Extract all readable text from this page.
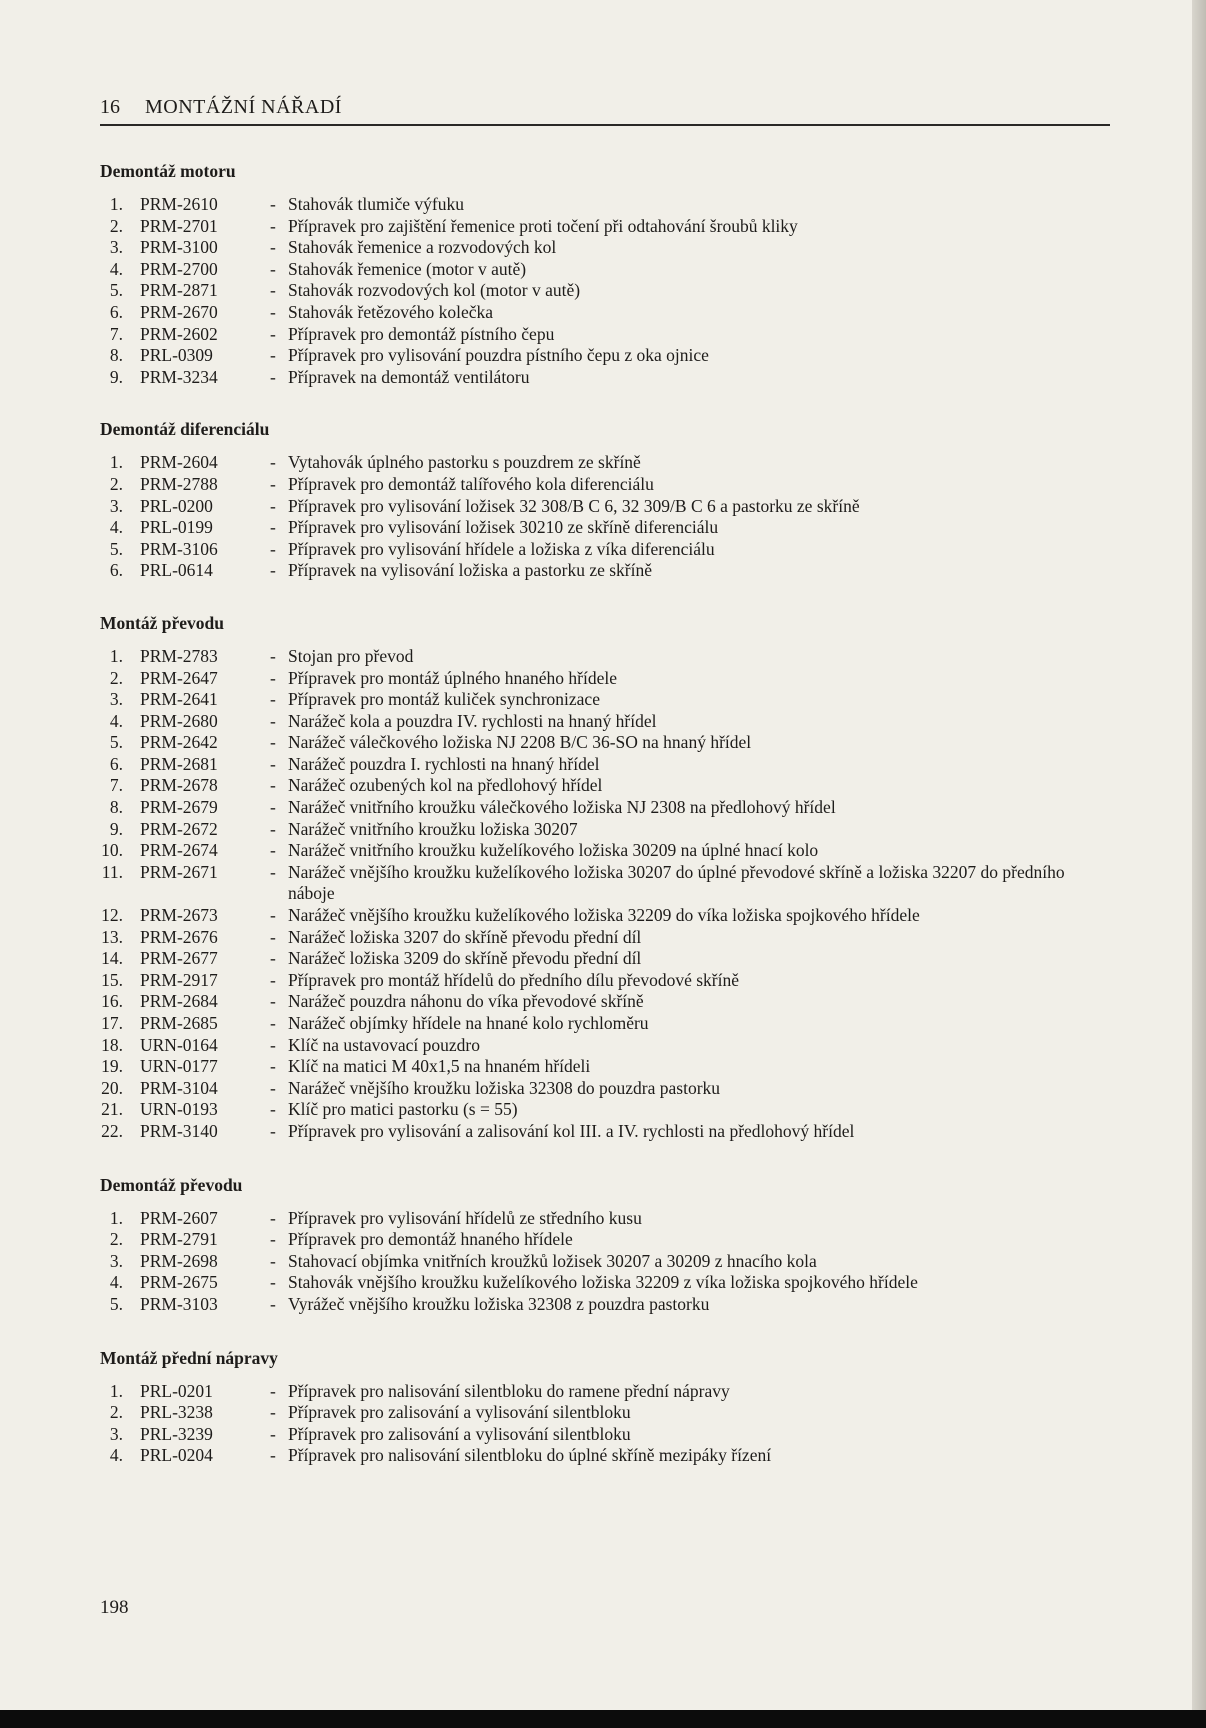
16 MONTÁŽNÍ NÁŘADÍ
Demontáž motoru
1. PRM-2610	- Stahovák tlumiče výfuku
2. PRM-2701	- Přípravek pro zajištění řemenice proti točení při odtahování šroubů kliky
3. PRM-3100	- Stahovák řemenice a rozvodových kol
4. PRM-2700	- Stahovák řemenice (motor v autě)
5. PRM-2871	- Stahovák rozvodových kol (motor v autě)
6. PRM-2670	- Stahovák řetězového kolečka
7. PRM-2602	- Přípravek pro demontáž pístního čepu
8. PRL-0309	- Přípravek pro vylisování pouzdra pístního čepu z oka ojnice
9. PRM-3234	- Přípravek na demontáž ventilátoru
Demontáž diferenciálu
1. PRM-2604	- Vytahovák úplného pastorku s pouzdrem ze skříně
2. PRM-2788	- Přípravek pro demontáž talířového kola diferenciálu
3. PRL-0200	- Přípravek pro vylisování ložisek 32 308/B C 6, 32 309/B C 6 a pastorku ze skříně
4. PRL-0199	- Přípravek pro vylisování ložisek 30210 ze skříně diferenciálu
5. PRM-3106	- Přípravek pro vylisování hřídele a ložiska z víka diferenciálu
6. PRL-0614	- Přípravek na vylisování ložiska a pastorku ze skříně
Montáž převodu
1. PRM-2783	- Stojan pro převod
2. PRM-2647	- Přípravek pro montáž úplného hnaného hřídele
3. PRM-2641	- Přípravek pro montáž kuliček synchronizace
4. PRM-2680	- Narážeč kola a pouzdra IV. rychlosti na hnaný hřídel
5. PRM-2642	- Narážeč válečkového ložiska NJ 2208 B/C 36-SO na hnaný hřídel
6. PRM-2681	- Narážeč pouzdra I. rychlosti na hnaný hřídel
7. PRM-2678	- Narážeč ozubených kol na předlohový hřídel
8. PRM-2679	- Narážeč vnitřního kroužku válečkového ložiska NJ 2308 na předlohový hřídel
9. PRM-2672	- Narážeč vnitřního kroužku ložiska 30207
10. PRM-2674	- Narážeč vnitřního kroužku kuželíkového ložiska 30209 na úplné hnací kolo
11. PRM-2671	- Narážeč vnějšího kroužku kuželíkového ložiska 30207 do úplné převodové skříně a ložiska 32207 do předního náboje
12. PRM-2673	- Narážeč vnějšího kroužku kuželíkového ložiska 32209 do víka ložiska spojkového hřídele
13. PRM-2676	- Narážeč ložiska 3207 do skříně převodu přední díl
14. PRM-2677	- Narážeč ložiska 3209 do skříně převodu přední díl
15. PRM-2917	- Přípravek pro montáž hřídelů do předního dílu převodové skříně
16. PRM-2684	- Narážeč pouzdra náhonu do víka převodové skříně
17. PRM-2685	- Narážeč objímky hřídele na hnané kolo rychloměru
18. URN-0164	- Klíč na ustavovací pouzdro
19. URN-0177	- Klíč na matici M 40x1,5 na hnaném hřídeli
20. PRM-3104	- Narážeč vnějšího kroužku ložiska 32308 do pouzdra pastorku
21. URN-0193	- Klíč pro matici pastorku (s = 55)
22. PRM-3140	- Přípravek pro vylisování a zalisování kol III. a IV. rychlosti na předlohový hřídel
Demontáž převodu
1. PRM-2607	- Přípravek pro vylisování hřídelů ze středního kusu
2. PRM-2791	- Přípravek pro demontáž hnaného hřídele
3. PRM-2698	- Stahovací objímka vnitřních kroužků ložisek 30207 a 30209 z hnacího kola
4. PRM-2675	- Stahovák vnějšího kroužku kuželíkového ložiska 32209 z víka ložiska spojkového hřídele
5. PRM-3103	- Vyrážeč vnějšího kroužku ložiska 32308 z pouzdra pastorku
Montáž přední nápravy
1. PRL-0201	- Přípravek pro nalisování silentbloku do ramene přední nápravy
2. PRL-3238	- Přípravek pro zalisování a vylisování silentbloku
3. PRL-3239	- Přípravek pro zalisování a vylisování silentbloku
4. PRL-0204	- Přípravek pro nalisování silentbloku do úplné skříně mezipáky řízení
198
